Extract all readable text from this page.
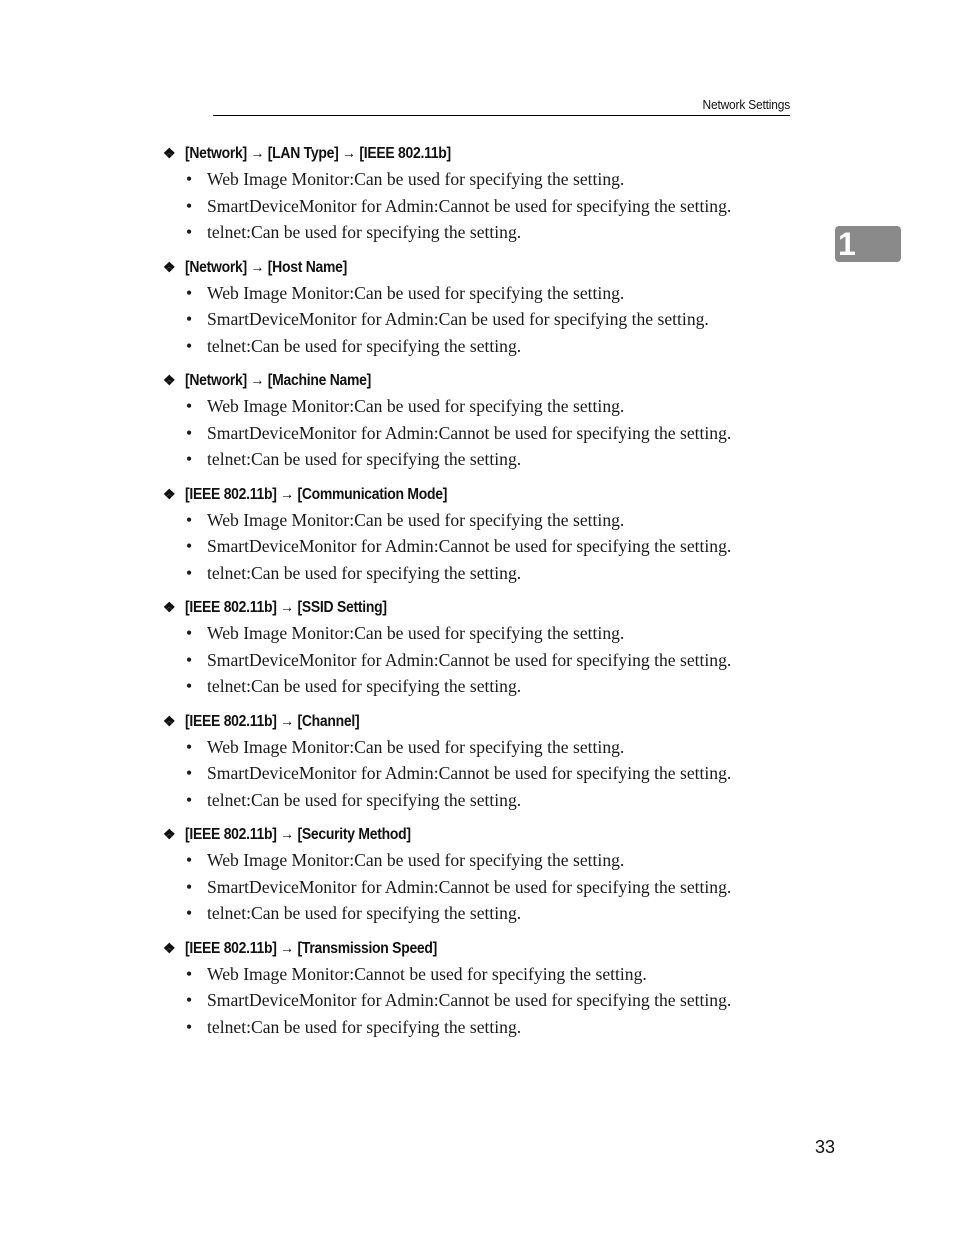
Network Settings
1
❖ [Network] → [LAN Type] → [IEEE 802.11b]
• Web Image Monitor:Can be used for specifying the setting.
• SmartDeviceMonitor for Admin:Cannot be used for specifying the setting.
• telnet:Can be used for specifying the setting.
❖ [Network] → [Host Name]
• Web Image Monitor:Can be used for specifying the setting.
• SmartDeviceMonitor for Admin:Can be used for specifying the setting.
• telnet:Can be used for specifying the setting.
❖ [Network] → [Machine Name]
• Web Image Monitor:Can be used for specifying the setting.
• SmartDeviceMonitor for Admin:Cannot be used for specifying the setting.
• telnet:Can be used for specifying the setting.
❖ [IEEE 802.11b] → [Communication Mode]
• Web Image Monitor:Can be used for specifying the setting.
• SmartDeviceMonitor for Admin:Cannot be used for specifying the setting.
• telnet:Can be used for specifying the setting.
❖ [IEEE 802.11b] → [SSID Setting]
• Web Image Monitor:Can be used for specifying the setting.
• SmartDeviceMonitor for Admin:Cannot be used for specifying the setting.
• telnet:Can be used for specifying the setting.
❖ [IEEE 802.11b] → [Channel]
• Web Image Monitor:Can be used for specifying the setting.
• SmartDeviceMonitor for Admin:Cannot be used for specifying the setting.
• telnet:Can be used for specifying the setting.
❖ [IEEE 802.11b] → [Security Method]
• Web Image Monitor:Can be used for specifying the setting.
• SmartDeviceMonitor for Admin:Cannot be used for specifying the setting.
• telnet:Can be used for specifying the setting.
❖ [IEEE 802.11b] → [Transmission Speed]
• Web Image Monitor:Cannot be used for specifying the setting.
• SmartDeviceMonitor for Admin:Cannot be used for specifying the setting.
• telnet:Can be used for specifying the setting.
33
